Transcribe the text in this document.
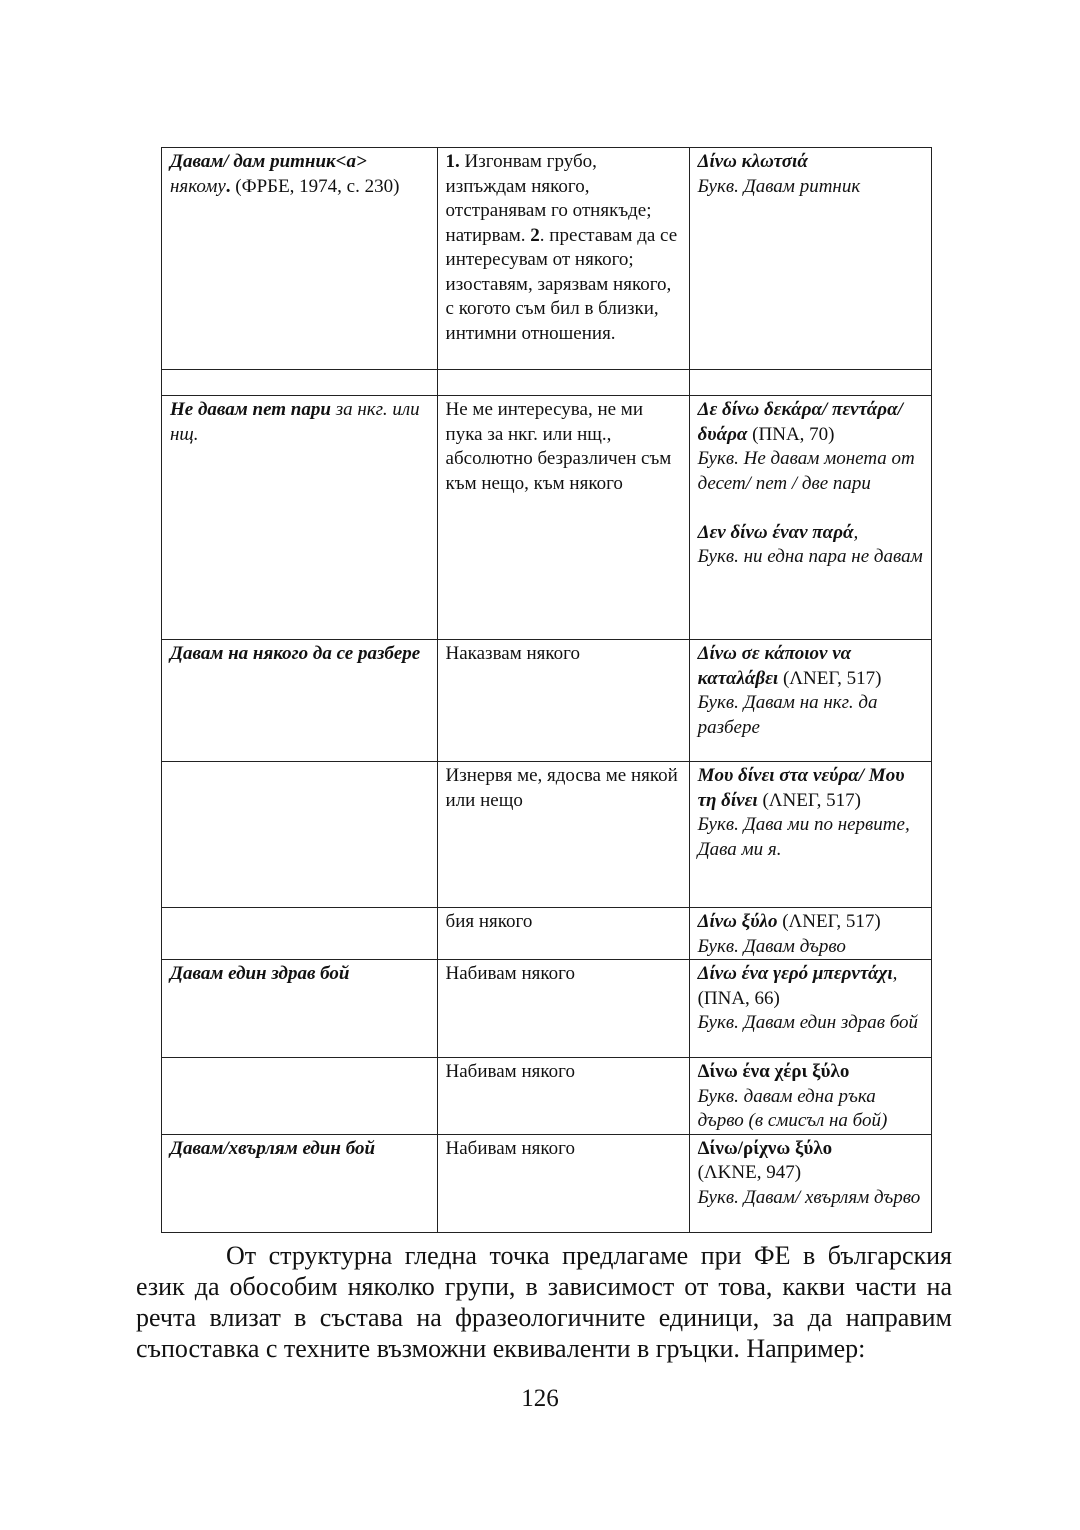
Давам/ дам ритник<а> някому. (ФРБЕ, 1974, с. 230)	1. Изгонвам грубо, изпъждам някого, отстранявам го отнякъде; натирвам. 2. преставам да се интересувам от някого; изоставям, зарязвам някого, с когото съм бил в близки, интимни отношения.	Δίνω κλωτσιά
Букв. Давам ритник

Не давам пет пари за нкг. или нщ.	Не ме интересува, не ми пука за нкг. или нщ., абсолютно безразличен съм към нещо, към някого	Δε δίνω δεκάρα/ πεντάρα/ δυάρα (ΠΝΑ, 70)
Букв. Не давам монета от десет/ пет / две пари
Δεν δίνω έναν παρά,
Букв. ни една пара не давам
Давам на някого да се разбере	Наказвам някого	Δίνω σε κάποιον να καταλάβει (ΛΝΕΓ, 517)
Букв. Давам на нкг. да разбере
	Изнервя ме, ядосва ме някой или нещо	Μου δίνει στα νεύρα/ Μου τη δίνει (ΛΝΕΓ, 517)
Букв. Дава ми по нервите,
Дава ми я.
	бия някого	Δίνω ξύλο (ΛΝΕΓ, 517)
Букв. Давам дърво
Давам един здрав бой	Набивам някого	Δίνω ένα γερό μπερντάχι,
(ΠΝΑ, 66)
Букв. Давам един здрав бой
	Набивам някого	Δίνω ένα χέρι ξύλο
Букв. давам една ръка дърво (в смисъл на бой)
Давам/хвърлям един бой	Набивам някого	Δίνω/ρίχνω ξύλο
(ΛΚΝΕ, 947)
Букв. Давам/ хвърлям дърво
От структурна гледна точка предлагаме при ФЕ в българския език да обособим няколко групи, в зависимост от това, какви части на речта влизат в състава на фразеологичните единици, за да направим съпоставка с техните възможни еквиваленти в гръцки. Например:
126
